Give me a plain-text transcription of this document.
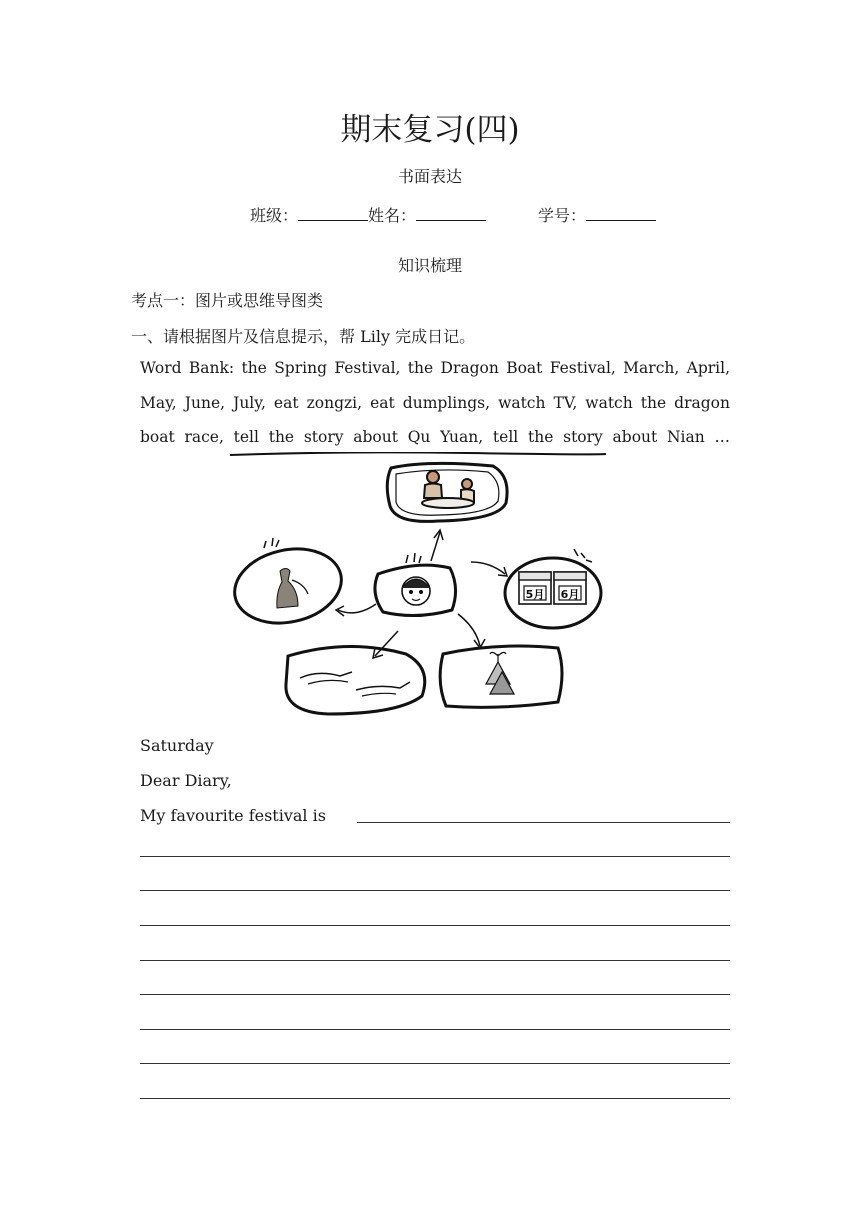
期末复习(四)
书面表达
班级：	姓名：	学号：
知识梳理
考点一：图片或思维导图类
一、请根据图片及信息提示，帮 Lily 完成日记。
Word Bank: the Spring Festival, the Dragon Boat Festival, March, April,
May, June, July, eat zongzi, eat dumplings, watch TV, watch the dragon
boat race, tell the story about Qu Yuan, tell the story about Nian …
5月 6月
Saturday
Dear Diary,
My favourite festival is
